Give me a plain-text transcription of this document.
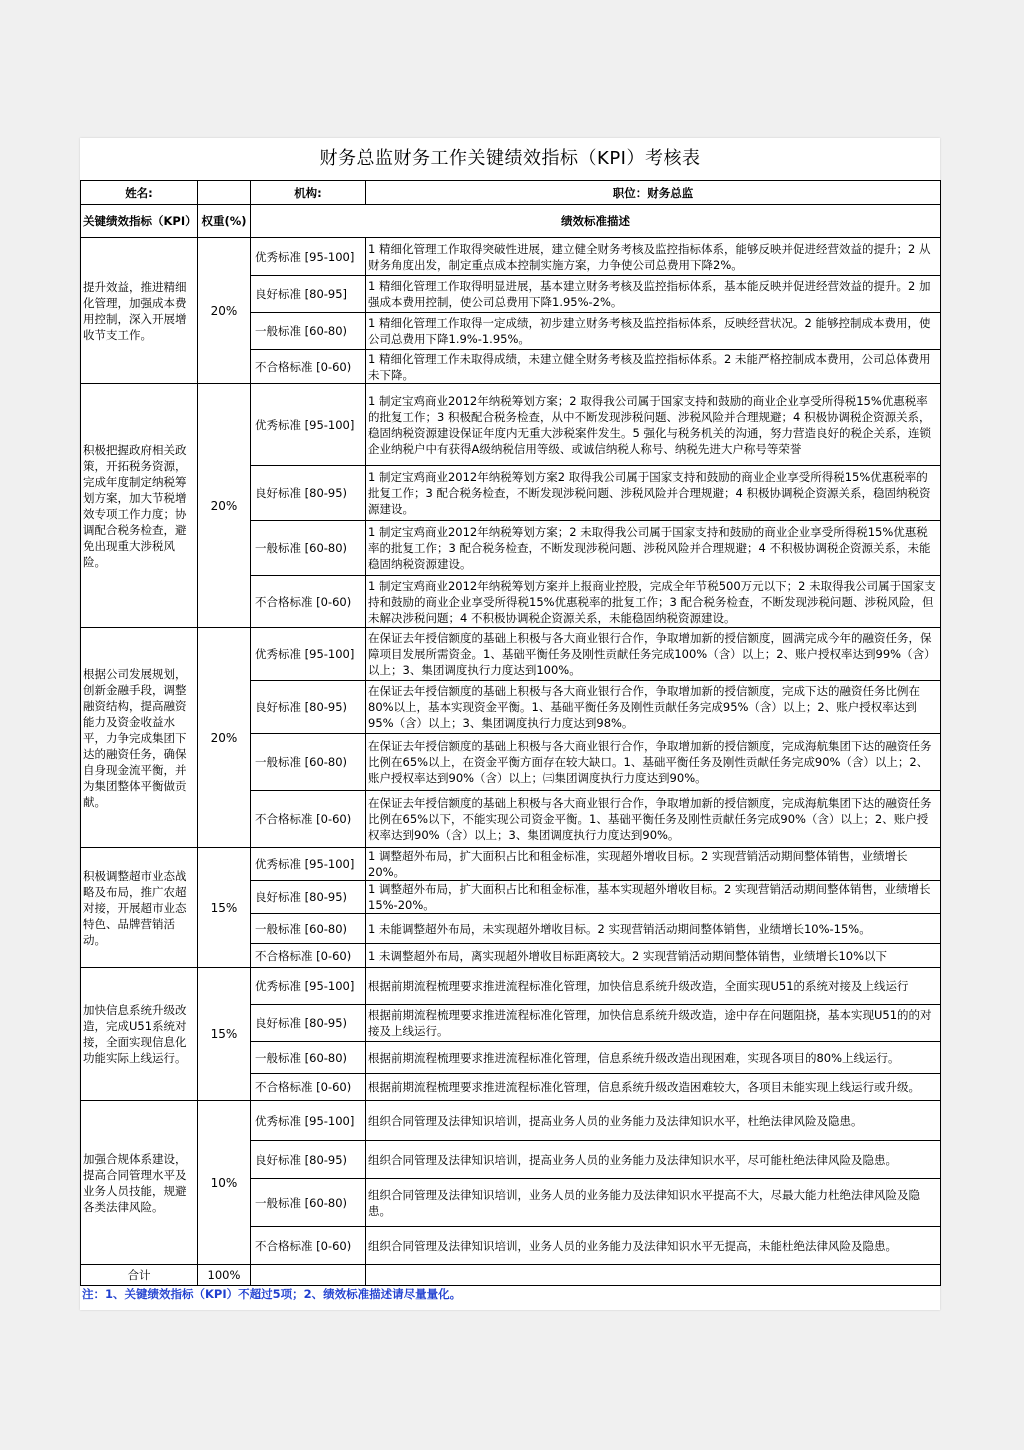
财务总监财务工作关键绩效指标（KPI）考核表
姓名:		机构:	职位：财务总监
关键绩效指标（KPI）	权重(%)	绩效标准描述	
提升效益，推进精细化管理，加强成本费用控制，深入开展增收节支工作。	20%	优秀标准 [95-100]	1 精细化管理工作取得突破性进展，建立健全财务考核及监控指标体系，能够反映并促进经营效益的提升；2 从财务角度出发，制定重点成本控制实施方案，力争使公司总费用下降2%。
		良好标准 [80-95]	1 精细化管理工作取得明显进展，基本建立财务考核及监控指标体系，基本能反映并促进经营效益的提升。2 加强成本费用控制，使公司总费用下降1.95%-2%。
		一般标准 [60-80)	1 精细化管理工作取得一定成绩，初步建立财务考核及监控指标体系，反映经营状况。2 能够控制成本费用，使公司总费用下降1.9%-1.95%。
		不合格标准 [0-60)	1 精细化管理工作未取得成绩，未建立健全财务考核及监控指标体系。2 未能严格控制成本费用，公司总体费用未下降。
积极把握政府相关政策，开拓税务资源，完成年度制定纳税筹划方案，加大节税增效专项工作力度；协调配合税务检查，避免出现重大涉税风险。	20%	优秀标准 [95-100]	1 制定宝鸡商业2012年纳税筹划方案；2 取得我公司属于国家支持和鼓励的商业企业享受所得税15%优惠税率的批复工作；3 积极配合税务检查，从中不断发现涉税问题、涉税风险并合理规避；4 积极协调税企资源关系，稳固纳税资源建设保证年度内无重大涉税案件发生。5 强化与税务机关的沟通，努力营造良好的税企关系，连锁企业纳税户中有获得A级纳税信用等级、或诚信纳税人称号、纳税先进大户称号等荣誉
		良好标准 [80-95)	1 制定宝鸡商业2012年纳税筹划方案2 取得我公司属于国家支持和鼓励的商业企业享受所得税15%优惠税率的批复工作；3 配合税务检查，不断发现涉税问题、涉税风险并合理规避；4 积极协调税企资源关系，稳固纳税资源建设。
		一般标准 [60-80)	1 制定宝鸡商业2012年纳税筹划方案；2 未取得我公司属于国家支持和鼓励的商业企业享受所得税15%优惠税率的批复工作；3 配合税务检查，不断发现涉税问题、涉税风险并合理规避；4 不积极协调税企资源关系，未能稳固纳税资源建设。
		不合格标准 [0-60)	1 制定宝鸡商业2012年纳税筹划方案并上报商业控股，完成全年节税500万元以下；2 未取得我公司属于国家支持和鼓励的商业企业享受所得税15%优惠税率的批复工作；3 配合税务检查，不断发现涉税问题、涉税风险，但未解决涉税问题；4 不积极协调税企资源关系，未能稳固纳税资源建设。
根据公司发展规划，创新金融手段，调整融资结构，提高融资能力及资金收益水平，力争完成集团下达的融资任务，确保自身现金流平衡，并为集团整体平衡做贡献。	20%	优秀标准 [95-100]	在保证去年授信额度的基础上积极与各大商业银行合作，争取增加新的授信额度，圆满完成今年的融资任务，保障项目发展所需资金。1、基础平衡任务及刚性贡献任务完成100%（含）以上；2、账户授权率达到99%（含）以上；3、集团调度执行力度达到100%。
		良好标准 [80-95)	在保证去年授信额度的基础上积极与各大商业银行合作，争取增加新的授信额度，完成下达的融资任务比例在80%以上，基本实现资金平衡。1、基础平衡任务及刚性贡献任务完成95%（含）以上；2、账户授权率达到95%（含）以上；3、集团调度执行力度达到98%。
		一般标准 [60-80)	在保证去年授信额度的基础上积极与各大商业银行合作，争取增加新的授信额度，完成海航集团下达的融资任务比例在65%以上，在资金平衡方面存在较大缺口。1、基础平衡任务及刚性贡献任务完成90%（含）以上；2、账户授权率达到90%（含）以上；㈢集团调度执行力度达到90%。
		不合格标准 [0-60)	在保证去年授信额度的基础上积极与各大商业银行合作，争取增加新的授信额度，完成海航集团下达的融资任务比例在65%以下，不能实现公司资金平衡。1、基础平衡任务及刚性贡献任务完成90%（含）以上；2、账户授权率达到90%（含）以上；3、集团调度执行力度达到90%。
积极调整超市业态战略及布局，推广农超对接，开展超市业态特色、品牌营销活动。	15%	优秀标准 [95-100]	1 调整超外布局，扩大面积占比和租金标准，实现超外增收目标。2 实现营销活动期间整体销售，业绩增长20%。
		良好标准 [80-95)	1 调整超外布局，扩大面积占比和租金标准，基本实现超外增收目标。2 实现营销活动期间整体销售，业绩增长15%-20%。
		一般标准 [60-80)	1 未能调整超外布局，未实现超外增收目标。2 实现营销活动期间整体销售，业绩增长10%-15%。
		不合格标准 [0-60)	1 未调整超外布局，离实现超外增收目标距离较大。2 实现营销活动期间整体销售，业绩增长10%以下
加快信息系统升级改造，完成U51系统对接，全面实现信息化功能实际上线运行。	15%	优秀标准 [95-100]	根据前期流程梳理要求推进流程标准化管理，加快信息系统升级改造，全面实现U51的系统对接及上线运行
		良好标准 [80-95)	根据前期流程梳理要求推进流程标准化管理，加快信息系统升级改造，途中存在问题阻挠，基本实现U51的的对接及上线运行。
		一般标准 [60-80)	根据前期流程梳理要求推进流程标准化管理，信息系统升级改造出现困难，实现各项目的80%上线运行。
		不合格标准 [0-60)	根据前期流程梳理要求推进流程标准化管理，信息系统升级改造困难较大，各项目未能实现上线运行或升级。
加强合规体系建设，提高合同管理水平及业务人员技能，规避各类法律风险。	10%	优秀标准 [95-100]	组织合同管理及法律知识培训，提高业务人员的业务能力及法律知识水平，杜绝法律风险及隐患。
		良好标准 [80-95)	组织合同管理及法律知识培训，提高业务人员的业务能力及法律知识水平，尽可能杜绝法律风险及隐患。
		一般标准 [60-80)	组织合同管理及法律知识培训，业务人员的业务能力及法律知识水平提高不大，尽最大能力杜绝法律风险及隐患。
		不合格标准 [0-60)	组织合同管理及法律知识培训，业务人员的业务能力及法律知识水平无提高，未能杜绝法律风险及隐患。
合计	100%		
注：1、关键绩效指标（KPI）不超过5项；2、绩效标准描述请尽量量化。
